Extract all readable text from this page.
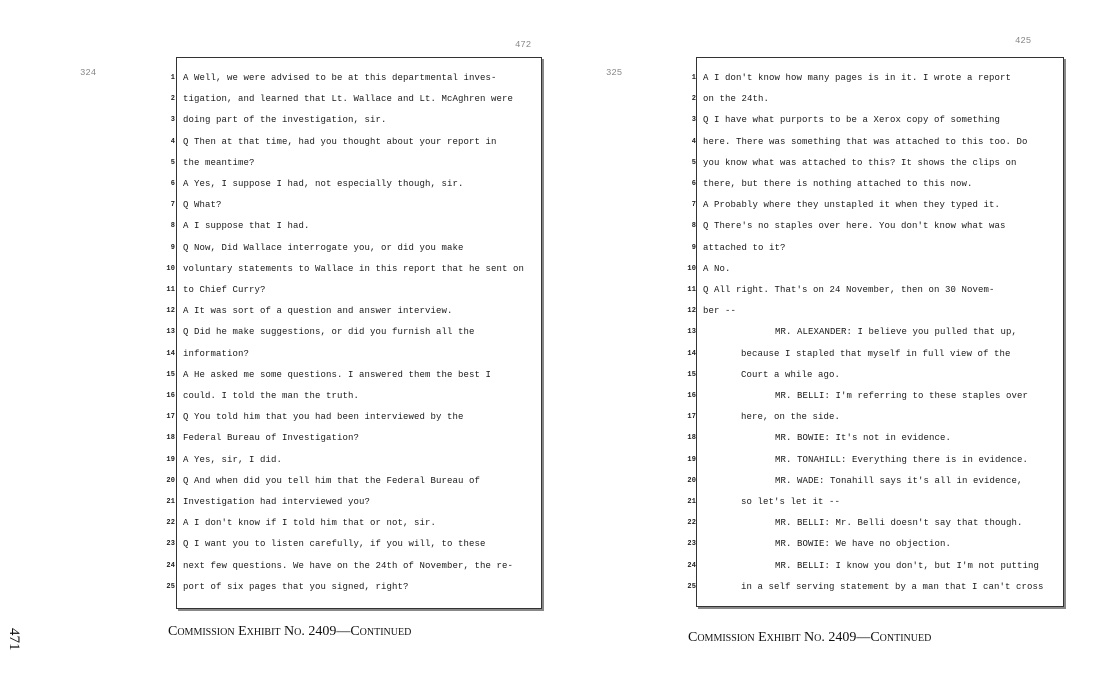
324
472
1 A Well, we were advised to be at this departmental inves-
2 tigation, and learned that Lt. Wallace and Lt. McAghren were
3 doing part of the investigation, sir.
4 Q Then at that time, had you thought about your report in
5 the meantime?
6 A Yes, I suppose I had, not especially though, sir.
7 Q What?
8 A I suppose that I had.
9 Q Now, Did Wallace interrogate you, or did you make
10 voluntary statements to Wallace in this report that he sent on
11 to Chief Curry?
12 A It was sort of a question and answer interview.
13 Q Did he make suggestions, or did you furnish all the
14 information?
15 A He asked me some questions. I answered them the best I
16 could. I told the man the truth.
17 Q You told him that you had been interviewed by the
18 Federal Bureau of Investigation?
19 A Yes, sir, I did.
20 Q And when did you tell him that the Federal Bureau of
21 Investigation had interviewed you?
22 A I don't know if I told him that or not, sir.
23 Q I want you to listen carefully, if you will, to these
24 next few questions. We have on the 24th of November, the re-
25 port of six pages that you signed, right?
325
425
1 A I don't know how many pages is in it. I wrote a report
2 on the 24th.
3 Q I have what purports to be a Xerox copy of something
4 here. There was something that was attached to this too. Do
5 you know what was attached to this? It shows the clips on
6 there, but there is nothing attached to this now.
7 A Probably where they unstapled it when they typed it.
8 Q There's no staples over here. You don't know what was
9 attached to it?
10 A No.
11 Q All right. That's on 24 November, then on 30 Novem-
12 ber --
13	MR. ALEXANDER: I believe you pulled that up,
14	because I stapled that myself in full view of the
15	Court a while ago.
16	MR. BELLI: I'm referring to these staples over
17	here, on the side.
18	MR. BOWIE: It's not in evidence.
19	MR. TONAHILL: Everything there is in evidence.
20	MR. WADE: Tonahill says it's all in evidence,
21	so let's let it --
22	MR. BELLI: Mr. Belli doesn't say that though.
23	MR. BOWIE: We have no objection.
24	MR. BELLI: I know you don't, but I'm not putting
25	in a self serving statement by a man that I can't cross
Commission Exhibit No. 2409—Continued	Commission Exhibit No. 2409—Continued
471
